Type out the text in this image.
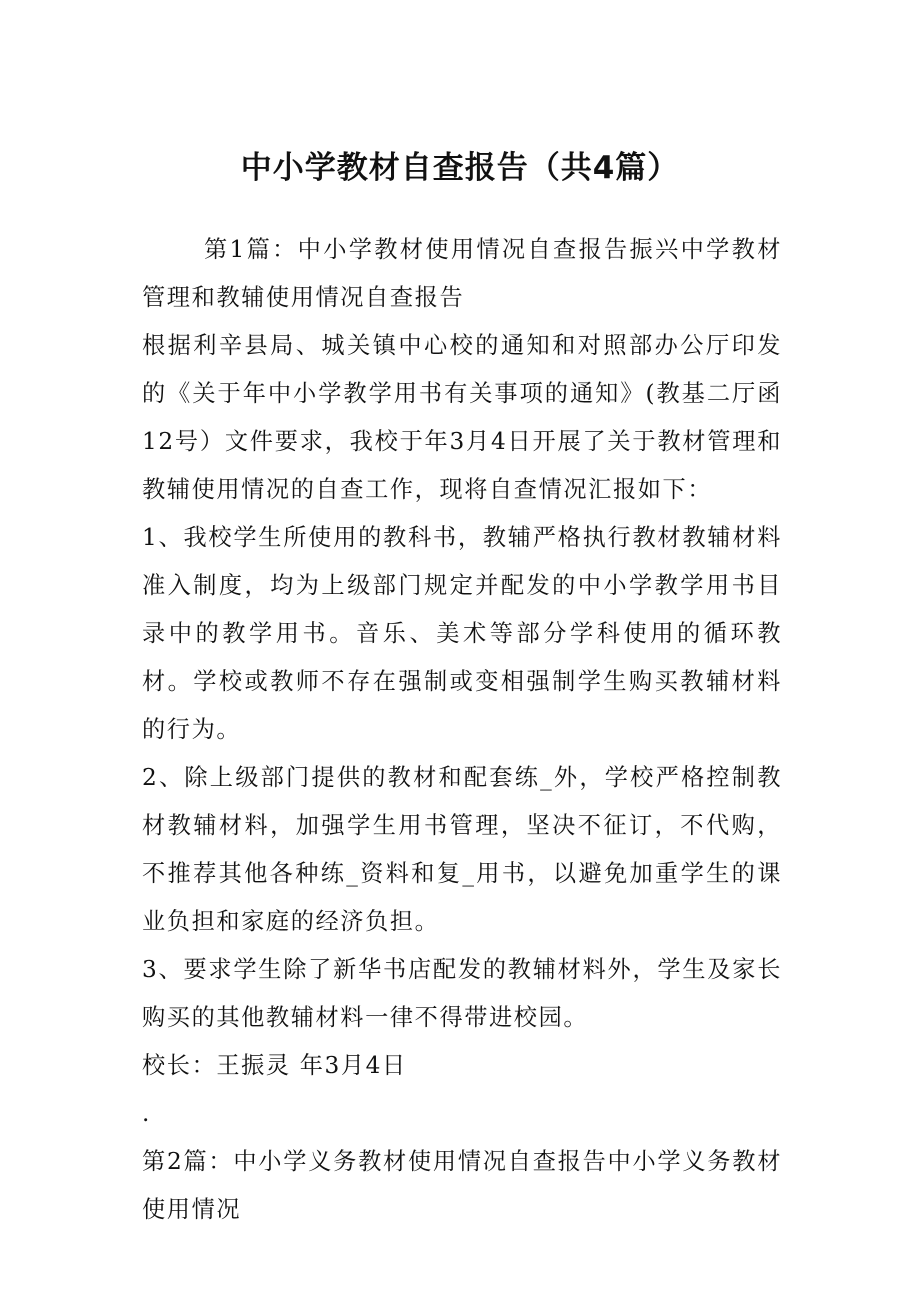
中小学教材自查报告（共4篇）

第1篇：中小学教材使用情况自查报告振兴中学教材管理和教辅使用情况自查报告

根据利辛县局、城关镇中心校的通知和对照部办公厅印发的《关于年中小学教学用书有关事项的通知》(教基二厅函12号）文件要求，我校于年3月4日开展了关于教材管理和教辅使用情况的自查工作，现将自查情况汇报如下：

1、我校学生所使用的教科书，教辅严格执行教材教辅材料准入制度，均为上级部门规定并配发的中小学教学用书目录中的教学用书。音乐、美术等部分学科使用的循环教材。学校或教师不存在强制或变相强制学生购买教辅材料的行为。

2、除上级部门提供的教材和配套练_外，学校严格控制教材教辅材料，加强学生用书管理，坚决不征订，不代购，不推荐其他各种练_资料和复_用书，以避免加重学生的课业负担和家庭的经济负担。

3、要求学生除了新华书店配发的教辅材料外，学生及家长购买的其他教辅材料一律不得带进校园。

校长：王振灵 年3月4日

.

第2篇：中小学义务教材使用情况自查报告中小学义务教材使用情况
